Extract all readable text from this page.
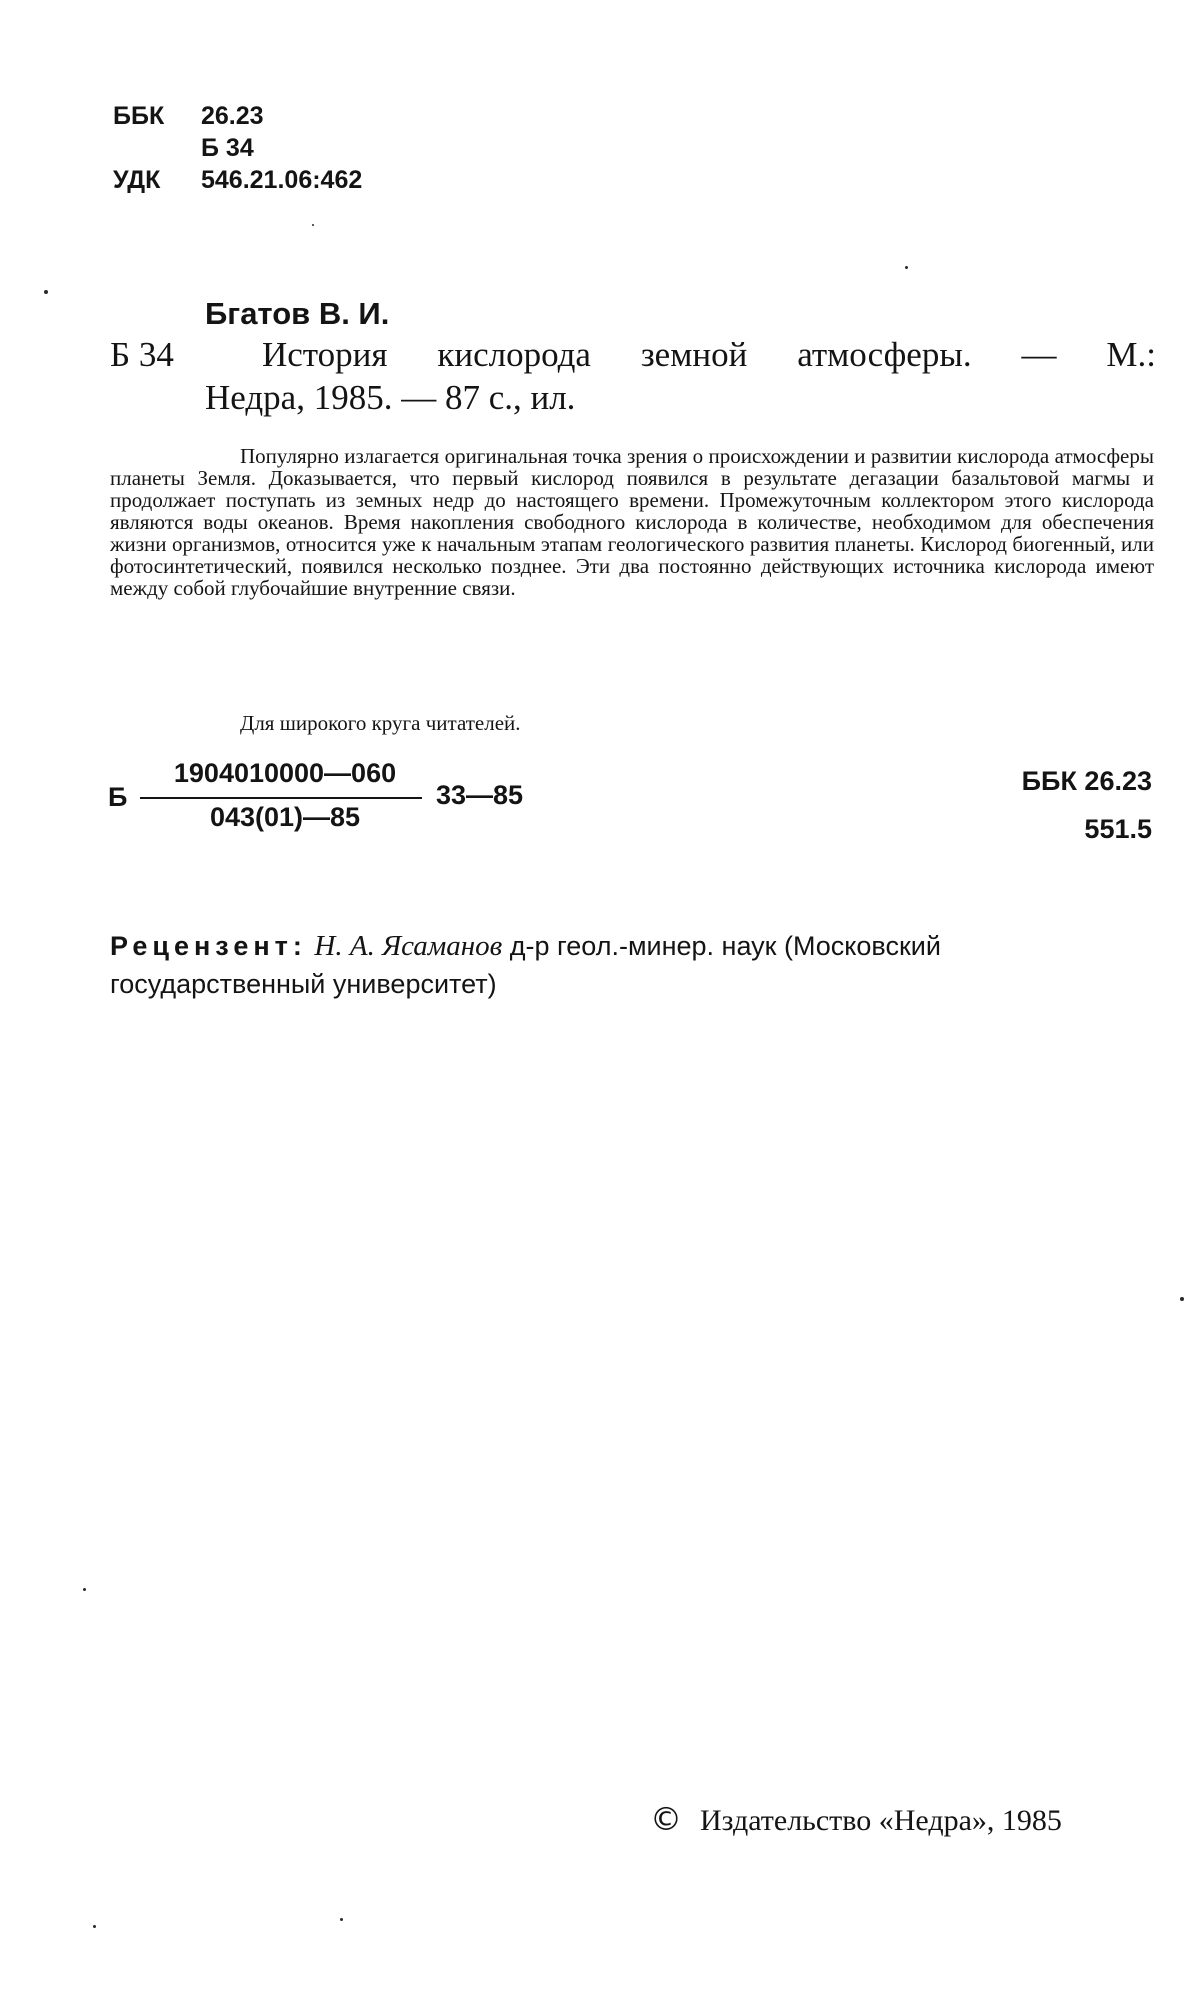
ББК 26.23
Б 34
УДК 546.21.06:462
Бгатов В. И.
Б 34	История кислорода земной атмосферы. — М.:
Недра, 1985. — 87 с., ил.

Популярно излагается оригинальная точка зрения о происхождении и развитии кислорода атмосферы планеты Земля. Доказывается, что первый кислород появился в результате дегазации базальтовой магмы и продолжает поступать из земных недр до настоящего времени. Промежуточным коллектором этого кислорода являются воды океанов. Время накопления свободного кислорода в количестве, необходимом для обеспечения жизни организмов, относится уже к начальным этапам геологического развития планеты. Кислород биогенный, или фотосинтетический, появился несколько позднее. Эти два постоянно действующих источника кислорода имеют между собой глубочайшие внутренние связи.

Для широкого круга читателей.
Б
1904010000—060
043(01)—85
33—85	ББК 26.23
551.5

Рецензент: Н. А. Ясаманов д-р геол.-минер. наук (Московский государственный университет)

© Издательство «Недра», 1985
